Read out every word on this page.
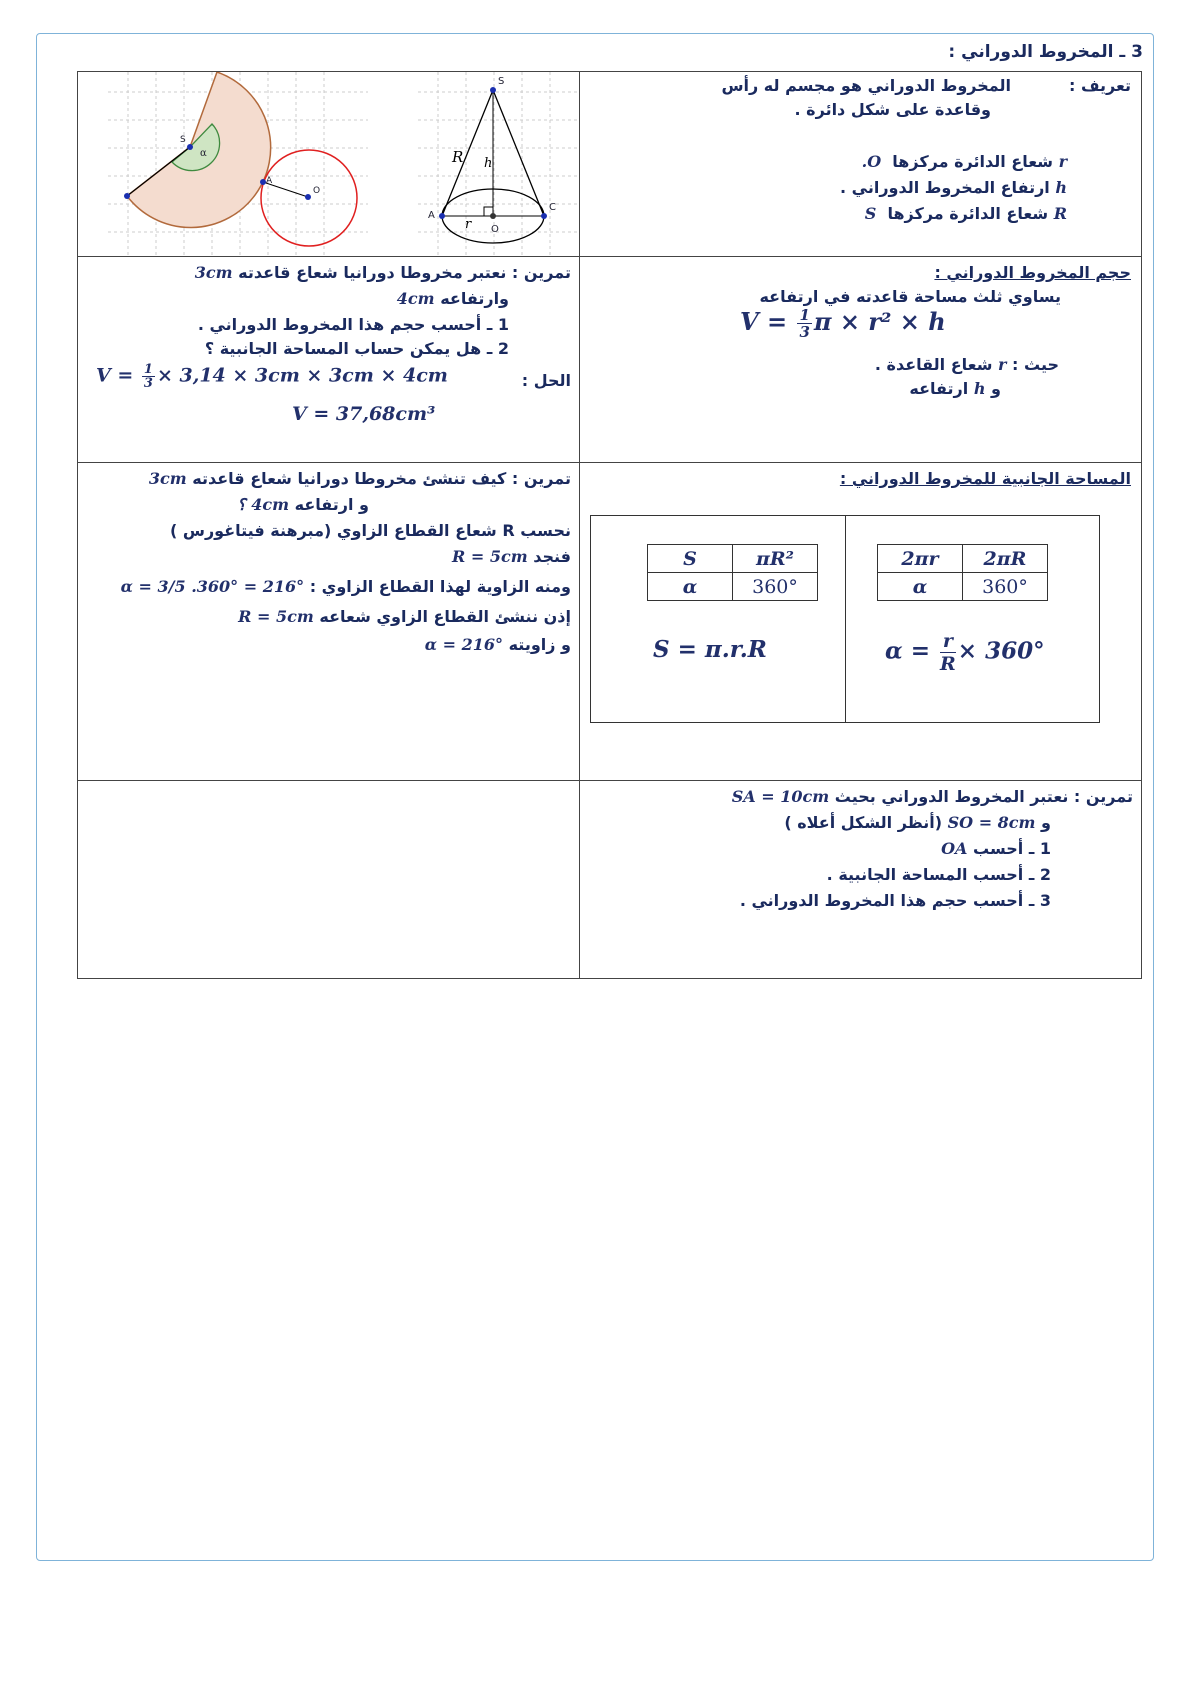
3 ـ المخروط الدوراني :
S
A
O
α
S
A
C
O
R h
r

تعريف :
المخروط الدوراني هو مجسم له رأس
وقاعدة على شكل دائرة .
r شعاع الدائرة مركزها  O.
h ارتفاع المخروط الدوراني .
R شعاع الدائرة مركزها  S

تمرين : نعتبر مخروطا دورانيا شعاع قاعدته 3cm
وارتفاعه 4cm
1 ـ أحسب حجم هذا المخروط الدوراني .
2 ـ هل يمكن حساب المساحة الجانبية ؟
الحل :
$V = \frac{1}{3} \times 3,14 \times 3cm \times 3cm \times 4cm$
V = 37,68cm³

حجم المخروط الدوراني :
يساوي ثلث مساحة قاعدته في ارتفاعه
$V = \frac{1}{3}$ π × r² × h
حيث : r شعاع القاعدة .
و h ارتفاعه

تمرين : كيف تنشئ مخروطا دورانيا شعاع قاعدته 3cm
و ارتفاعه 4cm ؟
نحسب R شعاع القطاع الزاوي (مبرهنة فيتاغورس )
فنجد R = 5cm
ومنه الزاوية لهذا القطاع الزاوي : α = 3/5 .360° = 216°
إذن ننشئ القطاع الزاوي شعاعه R = 5cm
و زاويته α = 216°

المساحة الجانبية للمخروط الدوراني :
πR²	S
360°	α
2πR	2πr
360°	α
S = π.r.R	$\alpha = \frac{r}{R} \times 360^\circ$

تمرين : نعتبر المخروط الدوراني بحيث SA = 10cm
و SO = 8cm (أنظر الشكل أعلاه )
1 ـ أحسب OA
2 ـ أحسب المساحة الجانبية .
3 ـ أحسب حجم هذا المخروط الدوراني .
